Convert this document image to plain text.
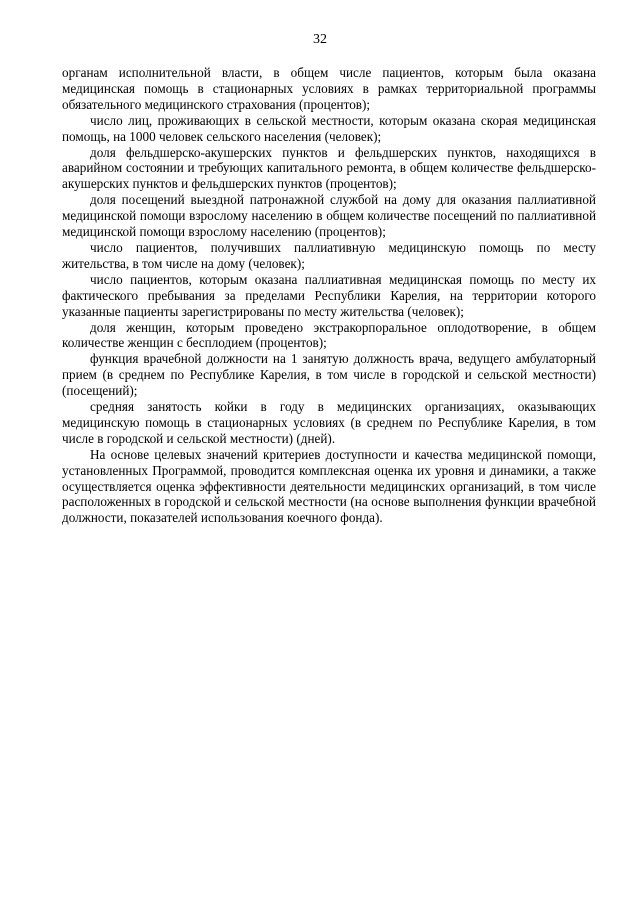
32

органам исполнительной власти, в общем числе пациентов, которым была оказана медицинская помощь в стационарных условиях в рамках территориальной программы обязательного медицинского страхования (процентов);

число лиц, проживающих в сельской местности, которым оказана скорая медицинская помощь, на 1000 человек сельского населения (человек);

доля фельдшерско-акушерских пунктов и фельдшерских пунктов, находящихся в аварийном состоянии и требующих капитального ремонта, в общем количестве фельдшерско-акушерских пунктов и фельдшерских пунктов (процентов);

доля посещений выездной патронажной службой на дому для оказания паллиативной медицинской помощи взрослому населению в общем количестве посещений по паллиативной медицинской помощи взрослому населению (процентов);

число пациентов, получивших паллиативную медицинскую помощь по месту жительства, в том числе на дому (человек);

число пациентов, которым оказана паллиативная медицинская помощь по месту их фактического пребывания за пределами Республики Карелия, на территории которого указанные пациенты зарегистрированы по месту жительства (человек);

доля женщин, которым проведено экстракорпоральное оплодотворение, в общем количестве женщин с бесплодием (процентов);

функция врачебной должности на 1 занятую должность врача, ведущего амбулаторный прием (в среднем по Республике Карелия, в том числе в городской и сельской местности) (посещений);

средняя занятость койки в году в медицинских организациях, оказывающих медицинскую помощь в стационарных условиях (в среднем по Республике Карелия, в том числе в городской и сельской местности) (дней).

На основе целевых значений критериев доступности и качества медицинской помощи, установленных Программой, проводится комплексная оценка их уровня и динамики, а также осуществляется оценка эффективности деятельности медицинских организаций, в том числе расположенных в городской и сельской местности (на основе выполнения функции врачебной должности, показателей использования коечного фонда).
